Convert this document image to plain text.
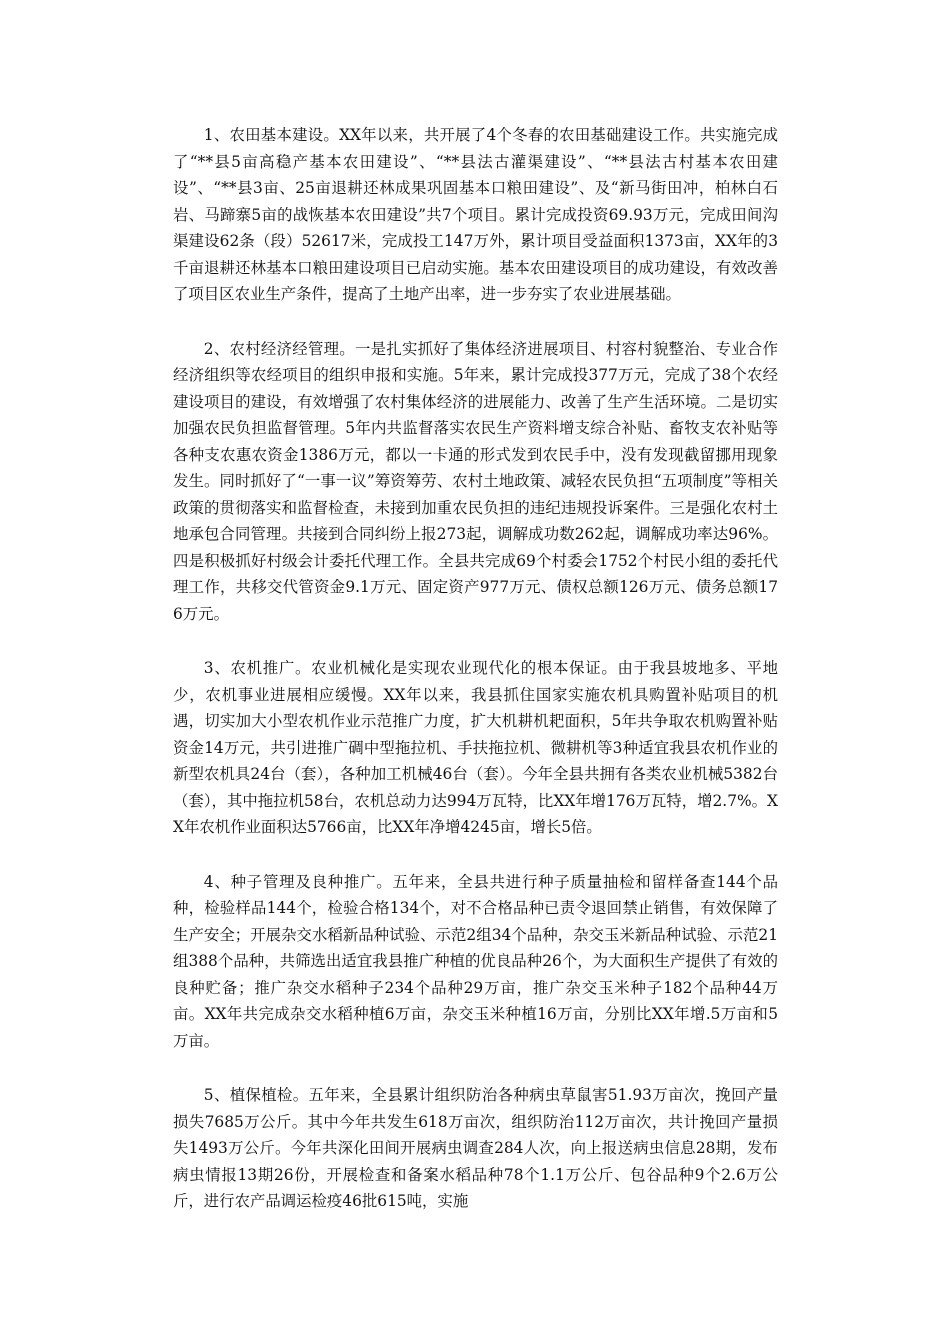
1、农田基本建设。XX年以来，共开展了4个冬春的农田基础建设工作。共实施完成了“**县5亩高稳产基本农田建设”、“**县法古灌渠建设”、“**县法古村基本农田建设”、“**县3亩、25亩退耕还林成果巩固基本口粮田建设”、及“新马街田冲，柏林白石岩、马蹄寨5亩的战恢基本农田建设”共7个项目。累计完成投资69.93万元，完成田间沟渠建设62条（段）52617米，完成投工147万外，累计项目受益面积1373亩，XX年的3千亩退耕还林基本口粮田建设项目已启动实施。基本农田建设项目的成功建设，有效改善了项目区农业生产条件，提高了土地产出率，进一步夯实了农业进展基础。

2、农村经济经管理。一是扎实抓好了集体经济进展项目、村容村貌整治、专业合作经济组织等农经项目的组织申报和实施。5年来，累计完成投377万元，完成了38个农经建设项目的建设，有效增强了农村集体经济的进展能力、改善了生产生活环境。二是切实加强农民负担监督管理。5年内共监督落实农民生产资料增支综合补贴、畜牧支农补贴等各种支农惠农资金1386万元，都以一卡通的形式发到农民手中，没有发现截留挪用现象发生。同时抓好了“一事一议”筹资筹劳、农村土地政策、减轻农民负担“五项制度”等相关政策的贯彻落实和监督检查，未接到加重农民负担的违纪违规投诉案件。三是强化农村土地承包合同管理。共接到合同纠纷上报273起，调解成功数262起，调解成功率达96%。四是积极抓好村级会计委托代理工作。全县共完成69个村委会1752个村民小组的委托代理工作，共移交代管资金9.1万元、固定资产977万元、债权总额126万元、债务总额176万元。

3、农机推广。农业机械化是实现农业现代化的根本保证。由于我县坡地多、平地少，农机事业进展相应缓慢。XX年以来，我县抓住国家实施农机具购置补贴项目的机遇，切实加大小型农机作业示范推广力度，扩大机耕机耙面积，5年共争取农机购置补贴资金14万元，共引进推广碉中型拖拉机、手扶拖拉机、微耕机等3种适宜我县农机作业的新型农机具24台（套），各种加工机械46台（套）。今年全县共拥有各类农业机械5382台（套），其中拖拉机58台，农机总动力达994万瓦特，比XX年增176万瓦特，增2.7%。XX年农机作业面积达5766亩，比XX年净增4245亩，增长5倍。

4、种子管理及良种推广。五年来，全县共进行种子质量抽检和留样备查144个品种，检验样品144个，检验合格134个，对不合格品种已责令退回禁止销售，有效保障了生产安全；开展杂交水稻新品种试验、示范2组34个品种，杂交玉米新品种试验、示范21组388个品种，共筛选出适宜我县推广种植的优良品种26个，为大面积生产提供了有效的良种贮备；推广杂交水稻种子234个品种29万亩，推广杂交玉米种子182个品种44万亩。XX年共完成杂交水稻种植6万亩，杂交玉米种植16万亩，分别比XX年增.5万亩和5万亩。

5、植保植检。五年来，全县累计组织防治各种病虫草鼠害51.93万亩次，挽回产量损失7685万公斤。其中今年共发生618万亩次，组织防治112万亩次，共计挽回产量损失1493万公斤。今年共深化田间开展病虫调查284人次，向上报送病虫信息28期，发布病虫情报13期26份，开展检查和备案水稻品种78个1.1万公斤、包谷品种9个2.6万公斤，进行农产品调运检疫46批615吨，实施
